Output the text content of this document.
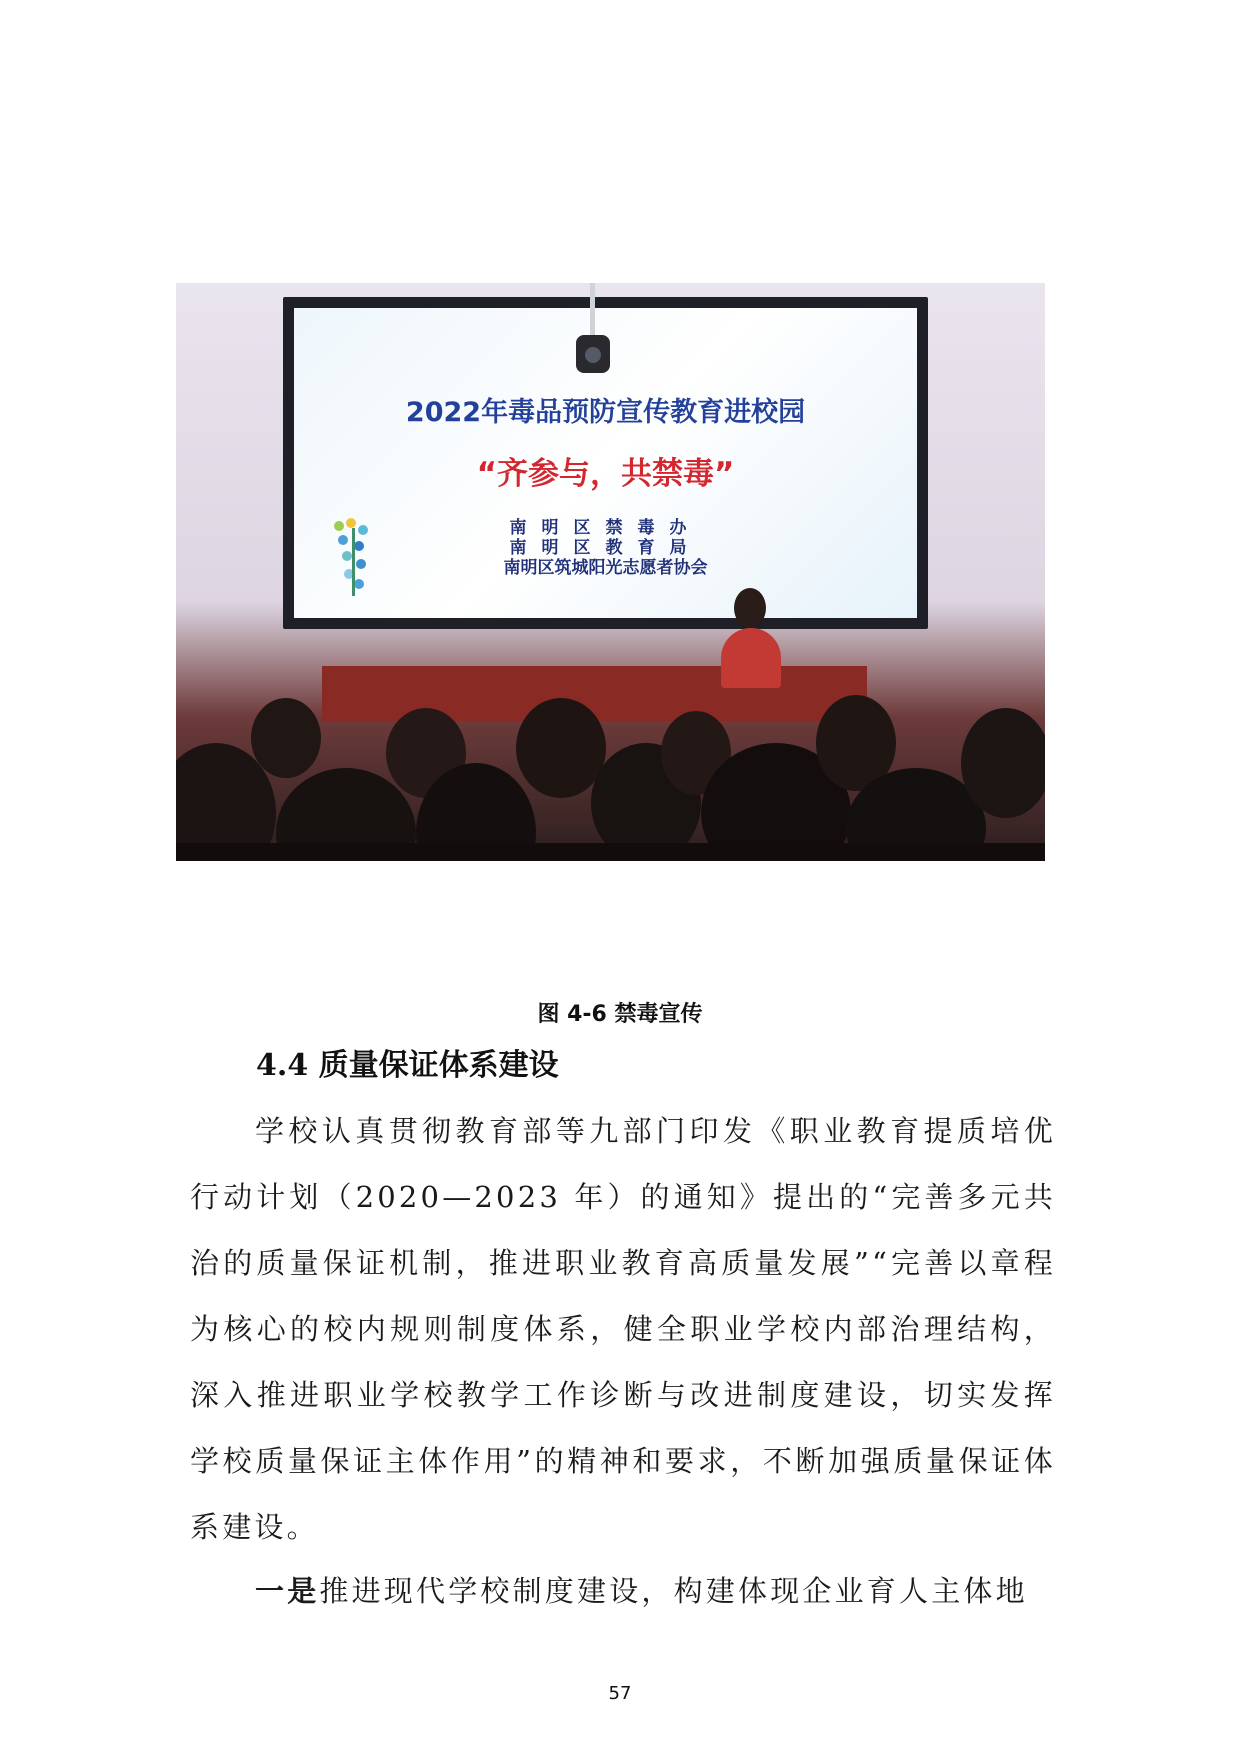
2022年毒品预防宣传教育进校园
“齐参与，共禁毒”
南明区禁毒办
南明区教育局
南明区筑城阳光志愿者协会
图 4-6 禁毒宣传
4.4 质量保证体系建设
学校认真贯彻教育部等九部门印发《职业教育提质培优行动计划（2020—2023 年）的通知》提出的“完善多元共治的质量保证机制，推进职业教育高质量发展”“完善以章程为核心的校内规则制度体系，健全职业学校内部治理结构，深入推进职业学校教学工作诊断与改进制度建设，切实发挥学校质量保证主体作用”的精神和要求，不断加强质量保证体系建设。
一是推进现代学校制度建设，构建体现企业育人主体地
57
